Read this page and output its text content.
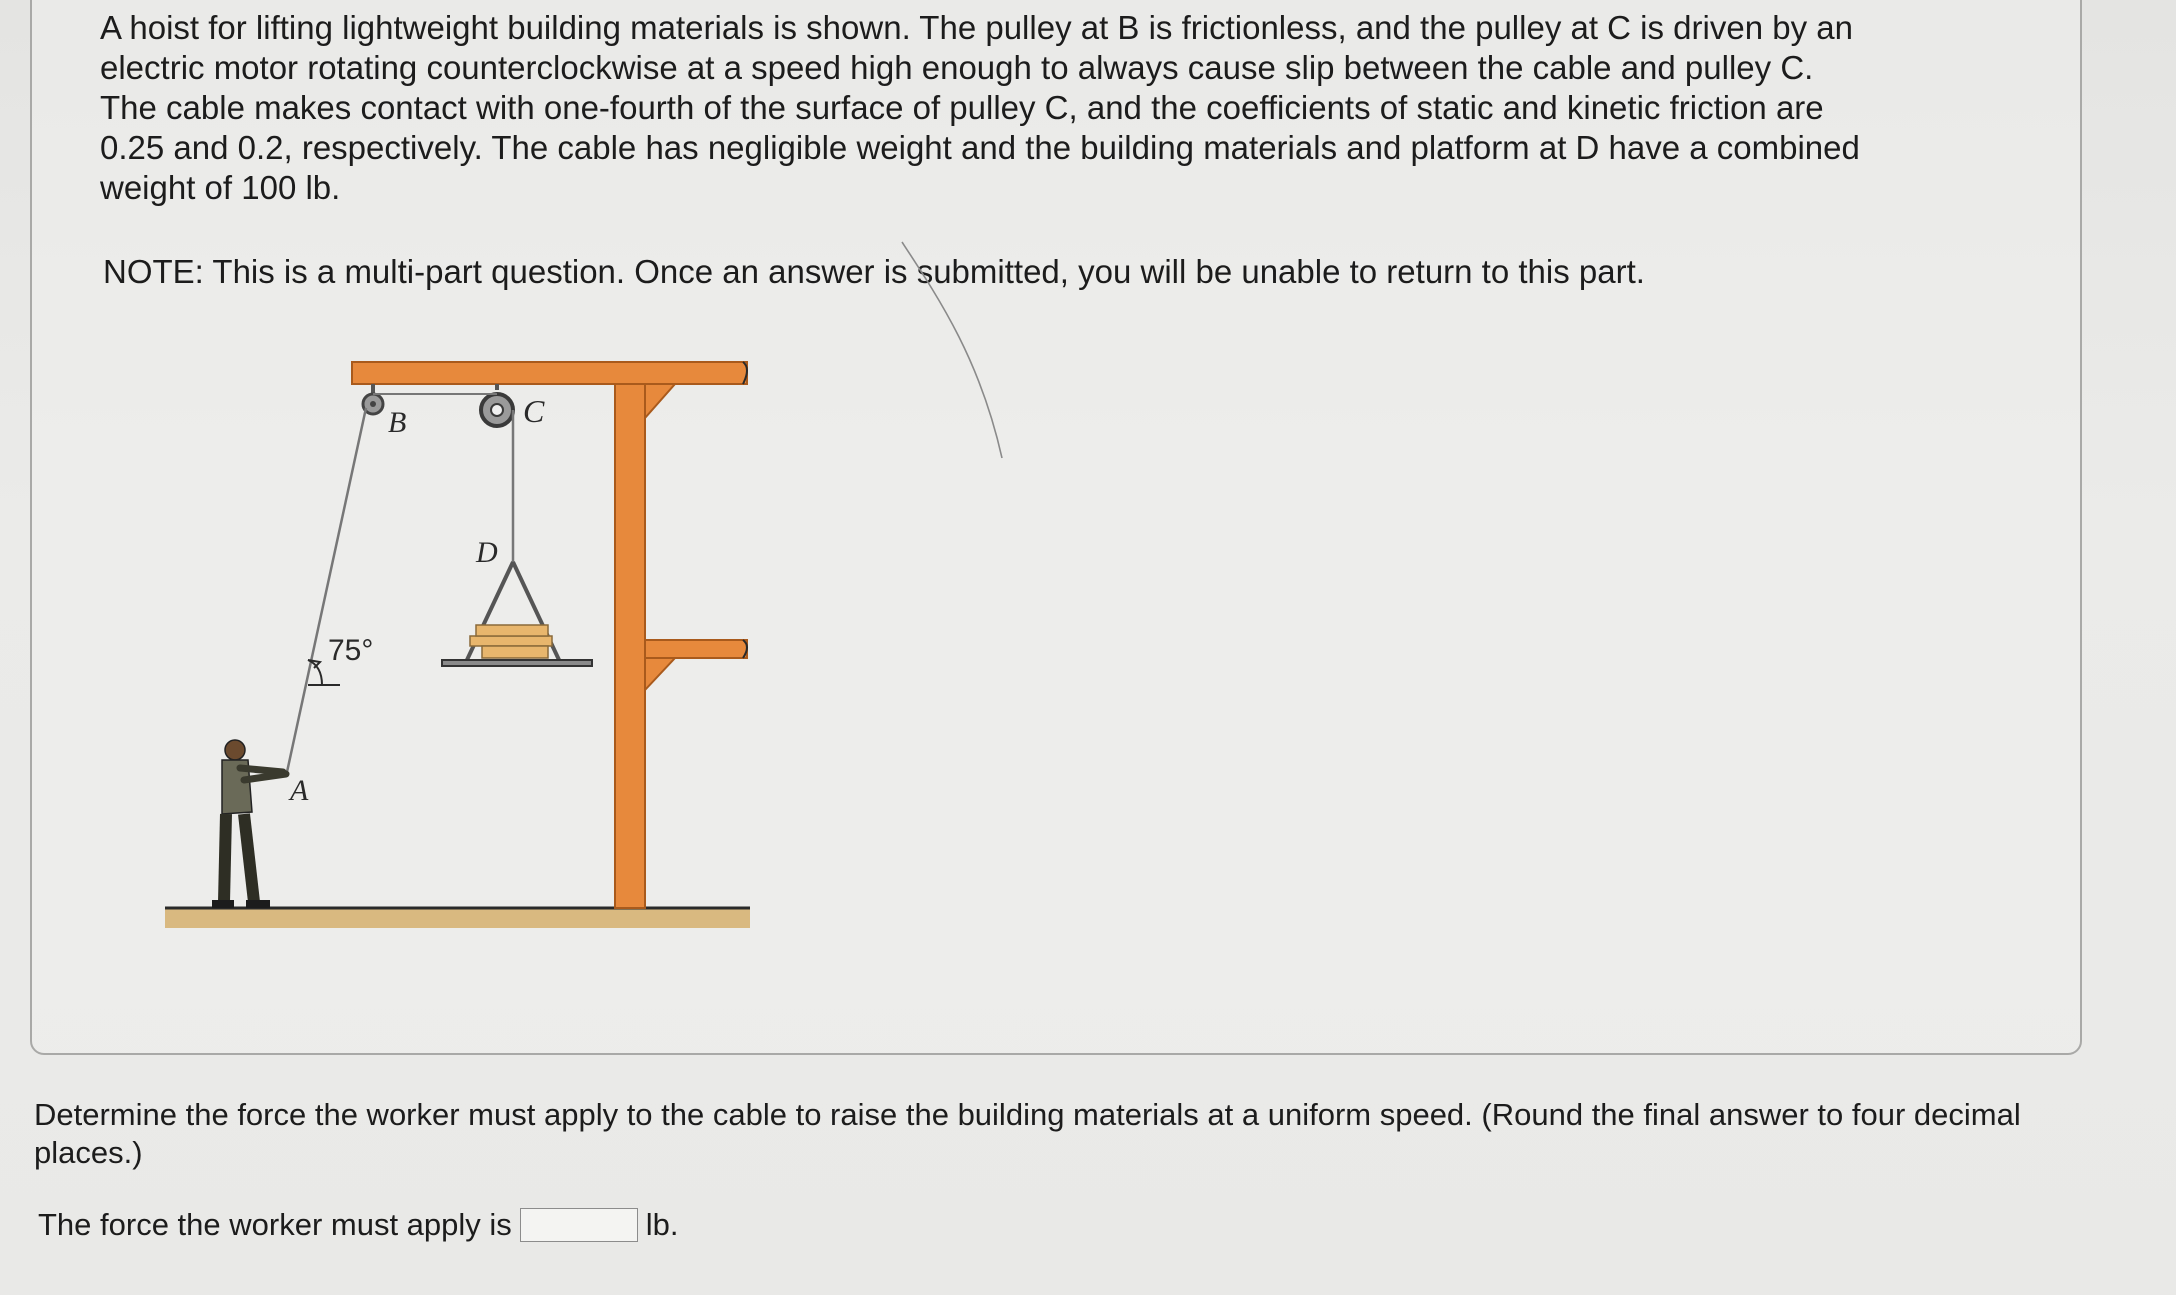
A hoist for lifting lightweight building materials is shown. The pulley at B is frictionless, and the pulley at C is driven by an
electric motor rotating counterclockwise at a speed high enough to always cause slip between the cable and pulley C.
The cable makes contact with one-fourth of the surface of pulley C, and the coefficients of static and kinetic friction are
0.25 and 0.2, respectively. The cable has negligible weight and the building materials and platform at D have a combined
weight of 100 lb.
NOTE: This is a multi-part question. Once an answer is submitted, you will be unable to return to this part.
B	C
75°
D
A
Determine the force the worker must apply to the cable to raise the building materials at a uniform speed. (Round the final answer to four decimal places.)
The force the worker must apply is	lb.
